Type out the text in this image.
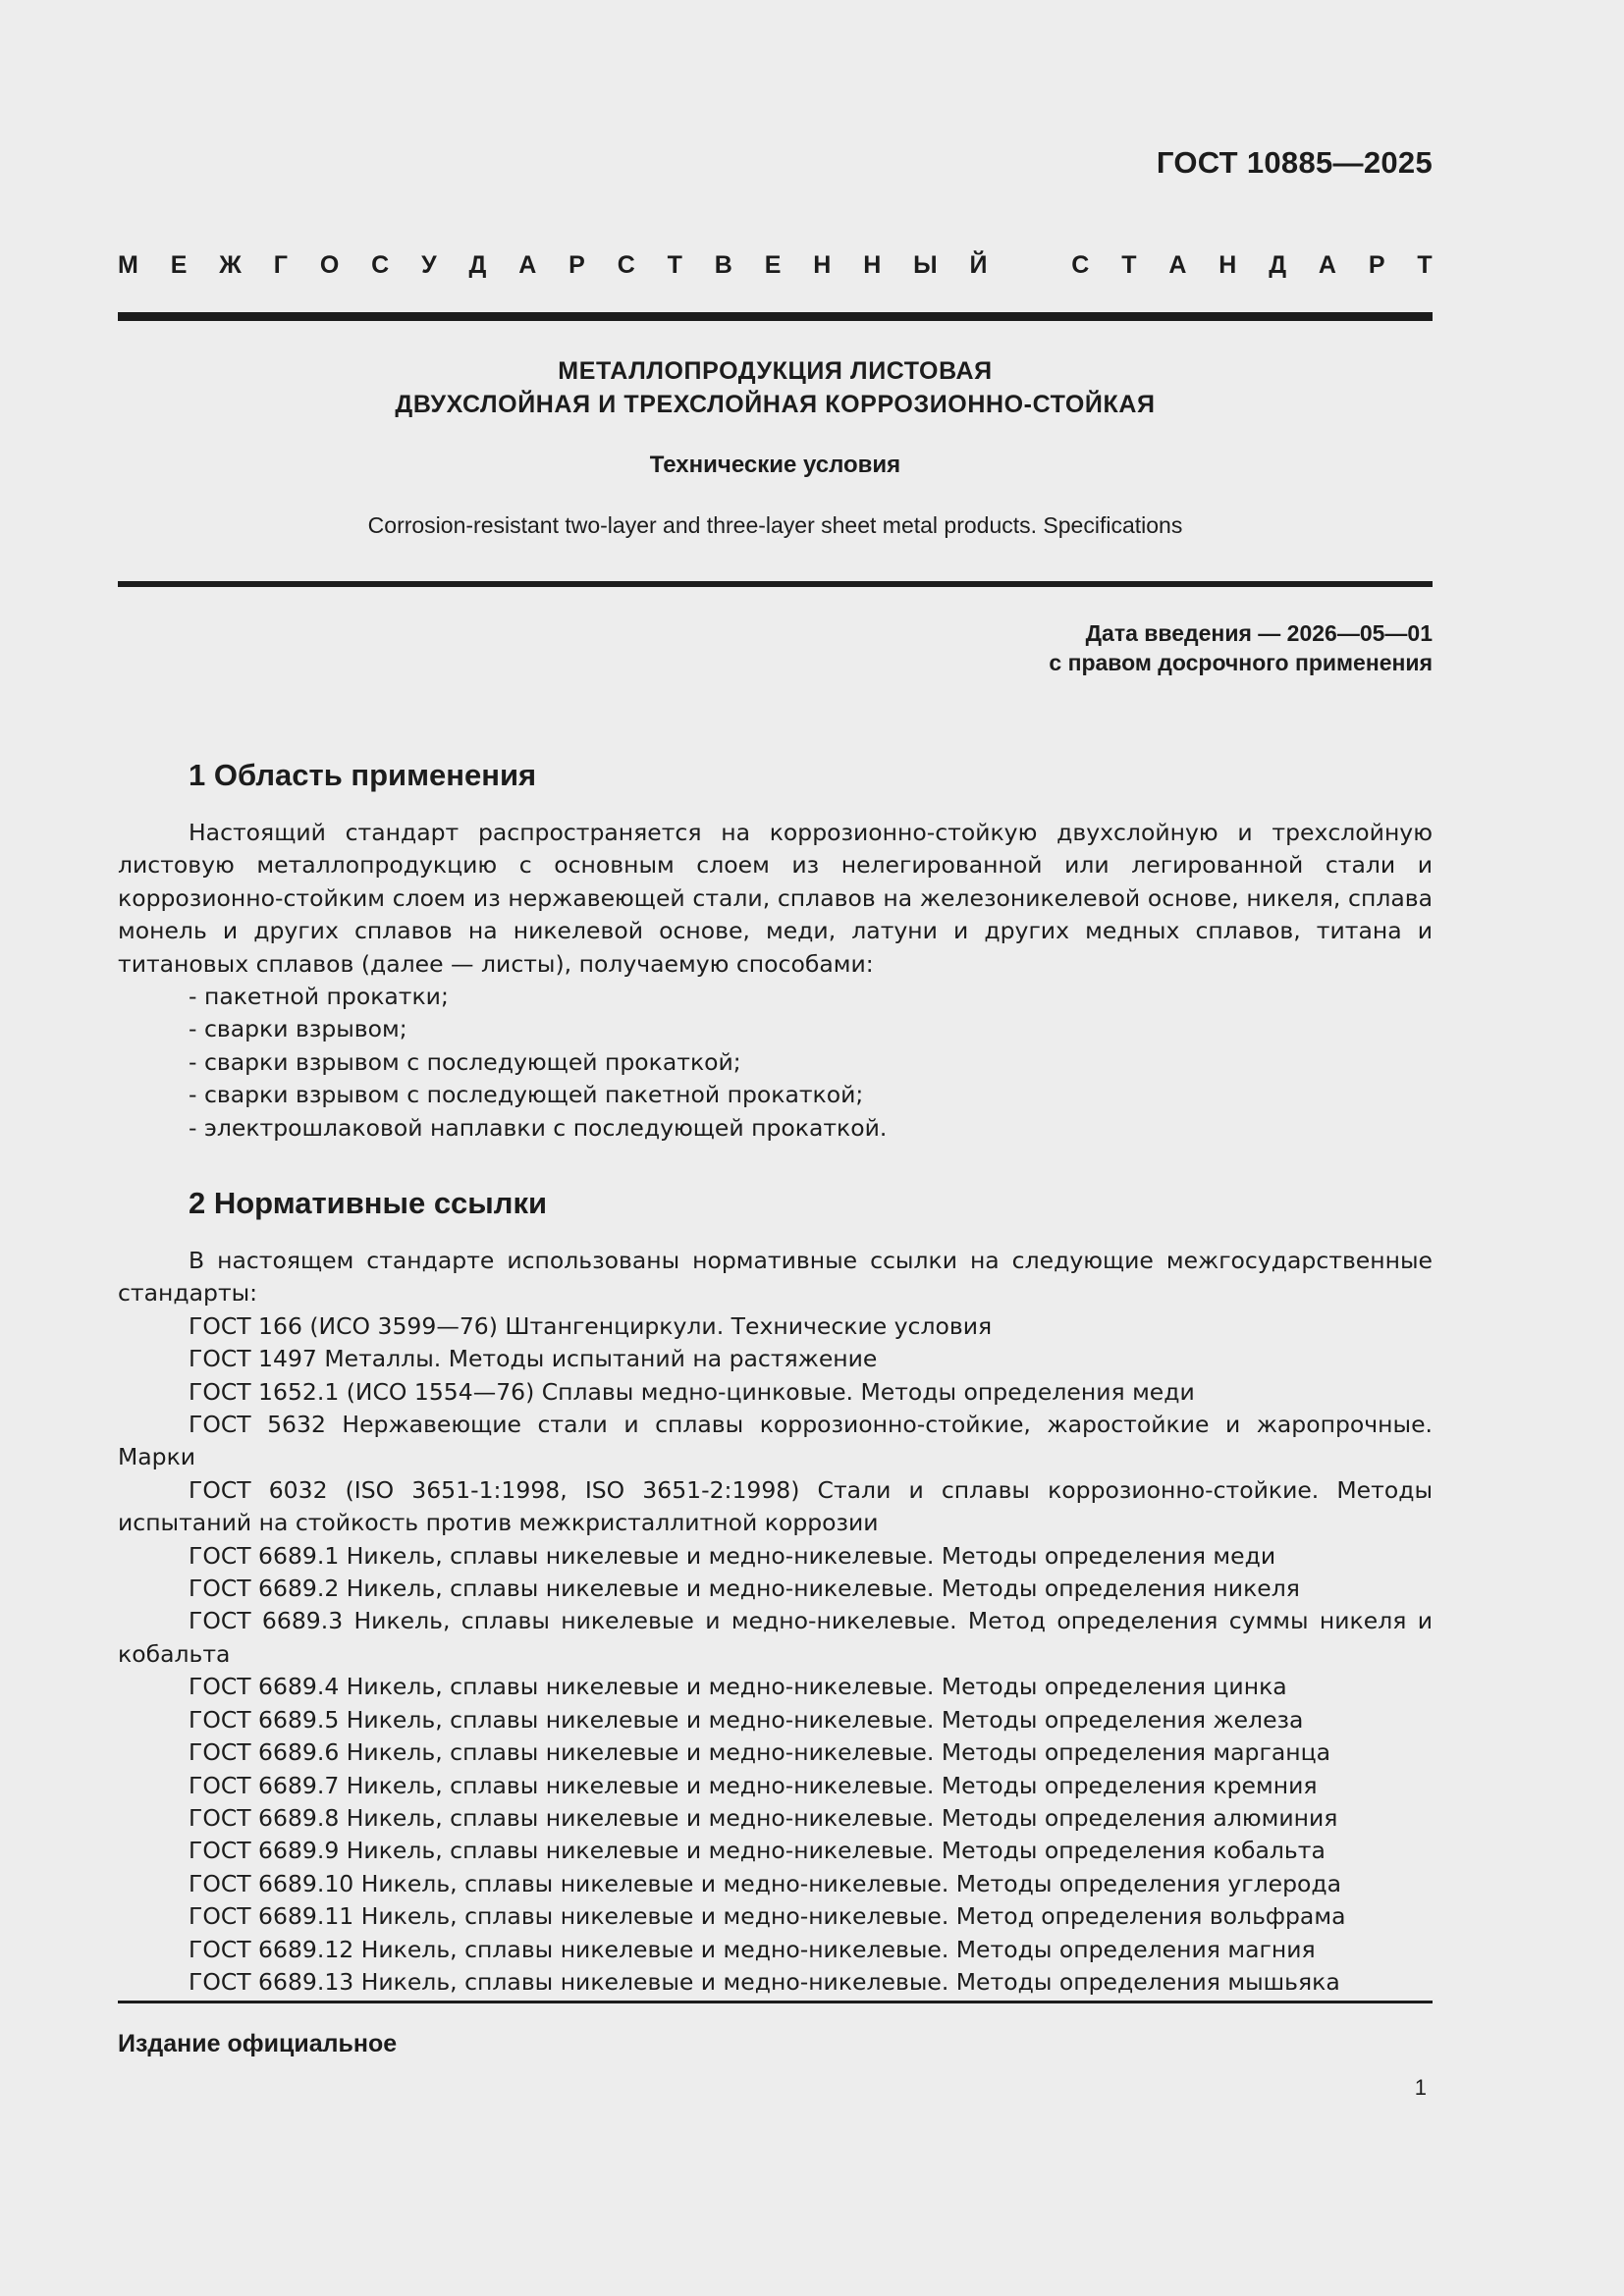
ГОСТ 10885—2025
М Е Ж Г О С У Д А Р С Т В Е Н Н Ы Й	С Т А Н Д А Р Т
МЕТАЛЛОПРОДУКЦИЯ ЛИСТОВАЯ
ДВУХСЛОЙНАЯ И ТРЕХСЛОЙНАЯ КОРРОЗИОННО-СТОЙКАЯ
Технические условия
Corrosion-resistant two-layer and three-layer sheet metal products. Specifications
Дата введения — 2026—05—01
с правом досрочного применения
1 Область применения

Настоящий стандарт распространяется на коррозионно-стойкую двухслойную и трехслойную листовую металлопродукцию с основным слоем из нелегированной или легированной стали и коррозионно-стойким слоем из нержавеющей стали, сплавов на железоникелевой основе, никеля, сплава монель и других сплавов на никелевой основе, меди, латуни и других медных сплавов, титана и титановых сплавов (далее — листы), получаемую способами:

- пакетной прокатки;
- сварки взрывом;
- сварки взрывом с последующей прокаткой;
- сварки взрывом с последующей пакетной прокаткой;
- электрошлаковой наплавки с последующей прокаткой.
2 Нормативные ссылки

В настоящем стандарте использованы нормативные ссылки на следующие межгосударственные стандарты:

ГОСТ 166 (ИСО 3599—76) Штангенциркули. Технические условия
ГОСТ 1497 Металлы. Методы испытаний на растяжение
ГОСТ 1652.1 (ИСО 1554—76) Сплавы медно-цинковые. Методы определения меди
ГОСТ 5632 Нержавеющие стали и сплавы коррозионно-стойкие, жаростойкие и жаропрочные. Марки
ГОСТ 6032 (ISO 3651-1:1998, ISO 3651-2:1998) Стали и сплавы коррозионно-стойкие. Методы испытаний на стойкость против межкристаллитной коррозии
ГОСТ 6689.1 Никель, сплавы никелевые и медно-никелевые. Методы определения меди
ГОСТ 6689.2 Никель, сплавы никелевые и медно-никелевые. Методы определения никеля
ГОСТ 6689.3 Никель, сплавы никелевые и медно-никелевые. Метод определения суммы никеля и кобальта
ГОСТ 6689.4 Никель, сплавы никелевые и медно-никелевые. Методы определения цинка
ГОСТ 6689.5 Никель, сплавы никелевые и медно-никелевые. Методы определения железа
ГОСТ 6689.6 Никель, сплавы никелевые и медно-никелевые. Методы определения марганца
ГОСТ 6689.7 Никель, сплавы никелевые и медно-никелевые. Методы определения кремния
ГОСТ 6689.8 Никель, сплавы никелевые и медно-никелевые. Методы определения алюминия
ГОСТ 6689.9 Никель, сплавы никелевые и медно-никелевые. Методы определения кобальта
ГОСТ 6689.10 Никель, сплавы никелевые и медно-никелевые. Методы определения углерода
ГОСТ 6689.11 Никель, сплавы никелевые и медно-никелевые. Метод определения вольфрама
ГОСТ 6689.12 Никель, сплавы никелевые и медно-никелевые. Методы определения магния
ГОСТ 6689.13 Никель, сплавы никелевые и медно-никелевые. Методы определения мышьяка
Издание официальное
1
